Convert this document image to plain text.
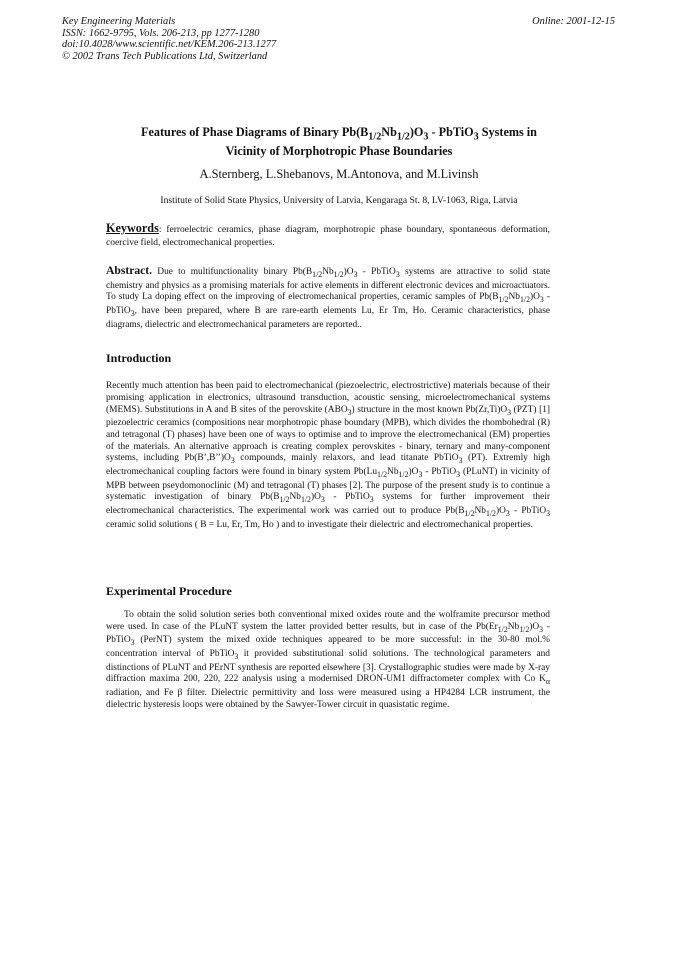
Key Engineering Materials
ISSN: 1662-9795, Vols. 206-213, pp 1277-1280
doi:10.4028/www.scientific.net/KEM.206-213.1277
© 2002 Trans Tech Publications Ltd, Switzerland
Online: 2001-12-15
Features of Phase Diagrams of Binary $Pb(B_{1/2}Nb_{1/2})O_3$ - PbTiO$_3$ Systems in
Vicinity of Morphotropic Phase Boundaries
A.Sternberg, L.Shebanovs, M.Antonova, and M.Livinsh
Institute of Solid State Physics, University of Latvia, Kengaraga St. 8, LV-1063, Riga, Latvia
Keywords: ferroelectric ceramics, phase diagram, morphotropic phase boundary, spontaneous deformation, coercive field, electromechanical properties.
Abstract. Due to multifunctionality binary $Pb(B_{1/2}Nb_{1/2})O_3$ - PbTiO$_3$ systems are attractive to solid state chemistry and physics as a promising materials for active elements in different electronic devices and microactuators. To study La doping effect on the improving of electromechanical properties, ceramic samples of $Pb(B_{1/2}Nb_{1/2})O_3$ - PbTiO$_3$, have been prepared, where B are rare-earth elements Lu, Er Tm, Ho. Ceramic characteristics, phase diagrams, dielectric and electromechanical parameters are reported..
Introduction

Recently much attention has been paid to electromechanical (piezoelectric, electrostrictive) materials because of their promising application in electronics, ultrasound transduction, acoustic sensing, microelectromechanical systems (MEMS). Substitutions in A and B sites of the perovskite $(ABO_3)$ structure in the most known $Pb(Zr,Ti)O_3$ (PZT) [1] piezoelectric ceramics (compositions near morphotropic phase boundary (MPB), which divides the rhombohedral (R) and tetragonal (T) phases) have been one of ways to optimise and to improve the electromechanical (EM) properties of the materials. An alternative approach is creating complex perovskites - binary, ternary and many-component systems, including $Pb(B’,B’’)O_3$ compounds, mainly relaxors, and lead titanate PbTiO$_3$ (PT). Extremly high electromechanical coupling factors were found in binary system $Pb(Lu_{1/2}Nb_{1/2})O_3$ - PbTiO$_3$ (PLuNT) in vicinity of MPB between pseydomonoclinic (M) and tetragonal (T) phases [2]. The purpose of the present study is to continue a systematic investigation of binary $Pb(B_{1/2}Nb_{1/2})O_3$ - PbTiO$_3$ systems for further improvement their electromechanical characteristics. The experimental work was carried out to produce $Pb(B_{1/2}Nb_{1/2})O_3$ - PbTiO$_3$ ceramic solid solutions ( B = Lu, Er, Tm, Ho ) and to investigate their dielectric and electromechanical properties.

Experimental Procedure

To obtain the solid solution series both conventional mixed oxides route and the wolframite precursor method were used. In case of the PLuNT system the latter provided better results, but in case of the $Pb(Er_{1/2}Nb_{1/2})O_3$ - PbTiO$_3$ (PerNT) system the mixed oxide techniques appeared to be more successful: in the 30-80 mol.% concentration interval of PbTiO$_3$ it provided substitutional solid solutions. The technological parameters and distinctions of PLuNT and PErNT synthesis are reported elsewhere [3]. Crystallographic studies were made by X-ray diffraction maxima 200, 220, 222 analysis using a modernised DRON-UM1 diffractometer complex with Co $K_\alpha$ radiation, and Fe β filter. Dielectric permittivity and loss were measured using a HP4284 LCR instrument, the dielectric hysteresis loops were obtained by the Sawyer-Tower circuit in quasistatic regime.
